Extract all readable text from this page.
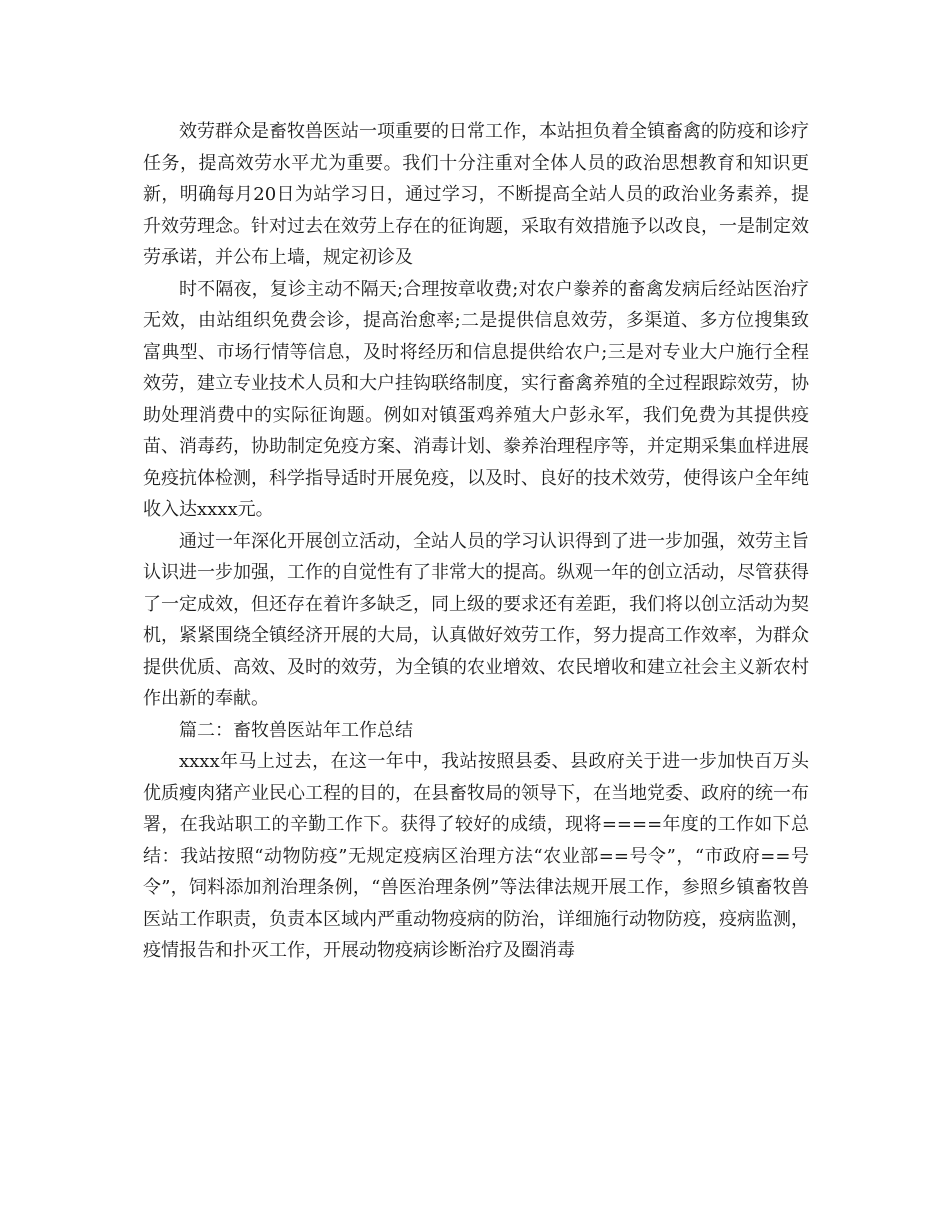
效劳群众是畜牧兽医站一项重要的日常工作，本站担负着全镇畜禽的防疫和诊疗任务，提高效劳水平尤为重要。我们十分注重对全体人员的政治思想教育和知识更新，明确每月20日为站学习日，通过学习，不断提高全站人员的政治业务素养，提升效劳理念。针对过去在效劳上存在的征询题，采取有效措施予以改良，一是制定效劳承诺，并公布上墙，规定初诊及

时不隔夜，复诊主动不隔天;合理按章收费;对农户豢养的畜禽发病后经站医治疗无效，由站组织免费会诊，提高治愈率;二是提供信息效劳，多渠道、多方位搜集致富典型、市场行情等信息，及时将经历和信息提供给农户;三是对专业大户施行全程效劳，建立专业技术人员和大户挂钩联络制度，实行畜禽养殖的全过程跟踪效劳，协助处理消费中的实际征询题。例如对镇蛋鸡养殖大户彭永军，我们免费为其提供疫苗、消毒药，协助制定免疫方案、消毒计划、豢养治理程序等，并定期采集血样进展免疫抗体检测，科学指导适时开展免疫，以及时、良好的技术效劳，使得该户全年纯收入达xxxx元。

通过一年深化开展创立活动，全站人员的学习认识得到了进一步加强，效劳主旨认识进一步加强，工作的自觉性有了非常大的提高。纵观一年的创立活动，尽管获得了一定成效，但还存在着许多缺乏，同上级的要求还有差距，我们将以创立活动为契机，紧紧围绕全镇经济开展的大局，认真做好效劳工作，努力提高工作效率，为群众提供优质、高效、及时的效劳，为全镇的农业增效、农民增收和建立社会主义新农村作出新的奉献。

篇二：畜牧兽医站年工作总结

xxxx年马上过去，在这一年中，我站按照县委、县政府关于进一步加快百万头优质瘦肉猪产业民心工程的目的，在县畜牧局的领导下，在当地党委、政府的统一布署，在我站职工的辛勤工作下。获得了较好的成绩，现将====年度的工作如下总结：我站按照“动物防疫”无规定疫病区治理方法“农业部==号令”，“市政府==号令”，饲料添加剂治理条例，“兽医治理条例”等法律法规开展工作，参照乡镇畜牧兽医站工作职责，负责本区域内严重动物疫病的防治，详细施行动物防疫，疫病监测，疫情报告和扑灭工作，开展动物疫病诊断治疗及圈消毒
